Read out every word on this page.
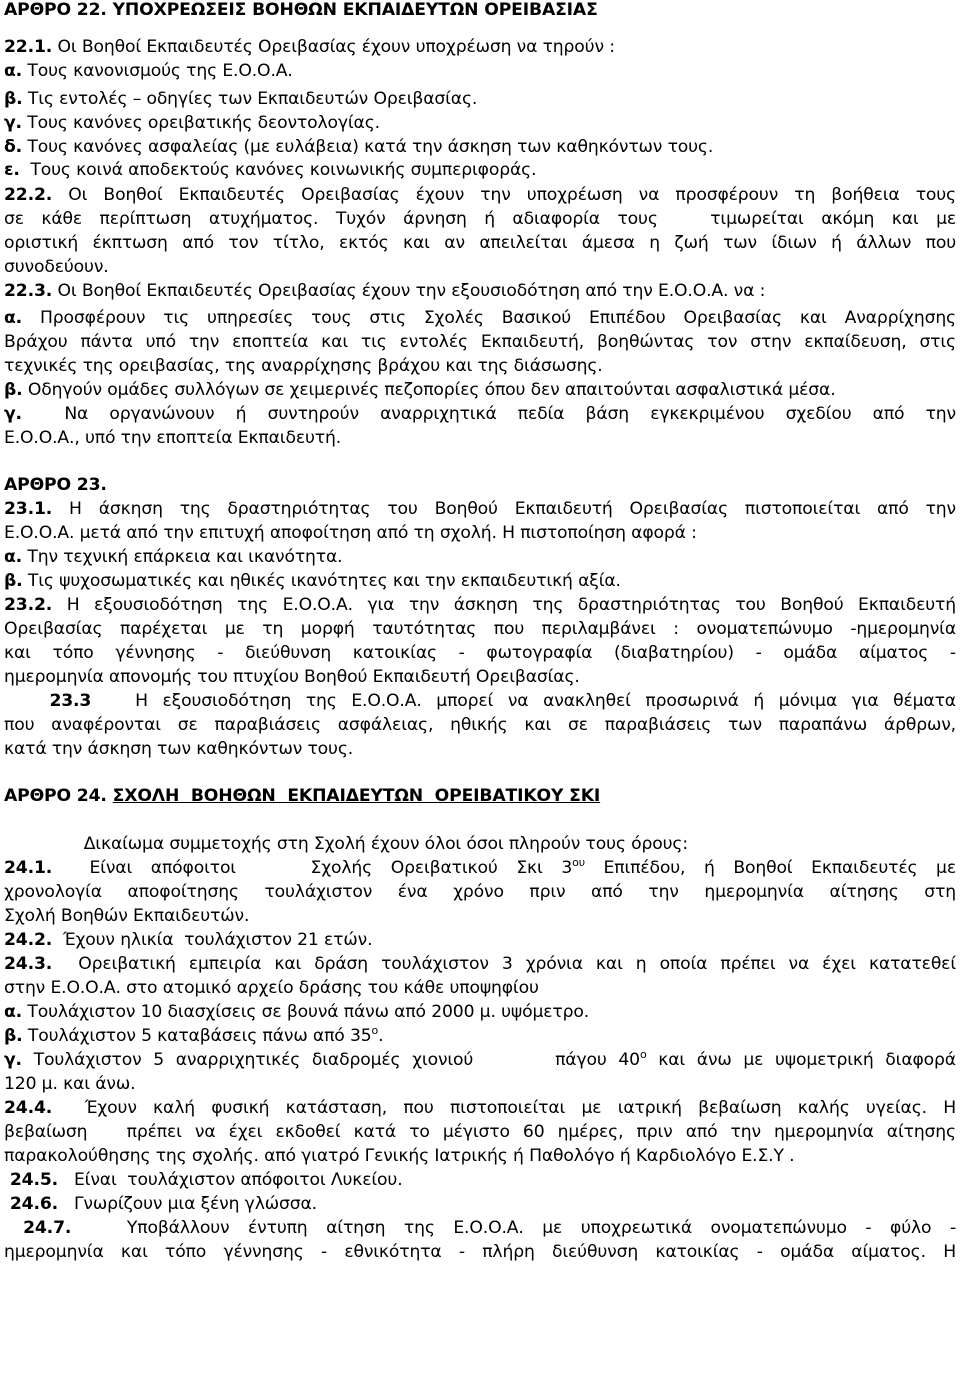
ΑΡΘΡΟ 22. ΥΠΟΧΡΕΩΣΕΙΣ ΒΟΗΘΩΝ ΕΚΠΑΙΔΕΥΤΩΝ ΟΡΕΙΒΑΣΙΑΣ
22.1. Οι Βοηθοί Εκπαιδευτές Ορειβασίας έχουν υποχρέωση να τηρούν :
α. Τους κανονισμούς της Ε.Ο.Ο.Α.
β. Τις εντολές – οδηγίες των Εκπαιδευτών Ορειβασίας.
γ. Τους κανόνες ορειβατικής δεοντολογίας.
δ. Τους κανόνες ασφαλείας (με ευλάβεια) κατά την άσκηση των καθηκόντων τους.
ε.  Τους κοινά αποδεκτούς κανόνες κοινωνικής συμπεριφοράς.
22.2. Οι Βοηθοί Εκπαιδευτές Ορειβασίας έχουν την υποχρέωση να προσφέρουν τη βοήθεια τους
σε κάθε περίπτωση ατυχήματος. Τυχόν άρνηση ή αδιαφορία τους   τιμωρείται ακόμη και με
οριστική έκπτωση από τον τίτλο, εκτός και αν απειλείται άμεσα η ζωή των ίδιων ή άλλων που
συνοδεύουν.
22.3. Οι Βοηθοί Εκπαιδευτές Ορειβασίας έχουν την εξουσιοδότηση από την Ε.Ο.Ο.Α. να :
α. Προσφέρουν τις υπηρεσίες τους στις Σχολές Βασικού Επιπέδου Ορειβασίας και Αναρρίχησης
Βράχου πάντα υπό την εποπτεία και τις εντολές Εκπαιδευτή, βοηθώντας τον στην εκπαίδευση, στις
τεχνικές της ορειβασίας, της αναρρίχησης βράχου και της διάσωσης.
β. Οδηγούν ομάδες συλλόγων σε χειμερινές πεζοπορίες όπου δεν απαιτούνται ασφαλιστικά μέσα.
γ.  Να οργανώνουν ή συντηρούν αναρριχητικά πεδία βάση εγκεκριμένου σχεδίου από την
Ε.Ο.Ο.Α., υπό την εποπτεία Εκπαιδευτή.
ΑΡΘΡΟ 23.
23.1. Η άσκηση της δραστηριότητας του Βοηθού Εκπαιδευτή Ορειβασίας πιστοποιείται από την
Ε.Ο.Ο.Α. μετά από την επιτυχή αποφοίτηση από τη σχολή. Η πιστοποίηση αφορά :
α. Την τεχνική επάρκεια και ικανότητα.
β. Τις ψυχοσωματικές και ηθικές ικανότητες και την εκπαιδευτική αξία.
23.2. Η εξουσιοδότηση της Ε.Ο.Ο.Α. για την άσκηση της δραστηριότητας του Βοηθού Εκπαιδευτή
Ορειβασίας παρέχεται με τη μορφή ταυτότητας που περιλαμβάνει : ονοματεπώνυμο -ημερομηνία
και τόπο γέννησης - διεύθυνση κατοικίας - φωτογραφία (διαβατηρίου) - ομάδα αίματος -
ημερομηνία απονομής του πτυχίου Βοηθού Εκπαιδευτή Ορειβασίας.
23.3   Η εξουσιοδότηση της Ε.Ο.Ο.Α. μπορεί να ανακληθεί προσωρινά ή μόνιμα για θέματα
που αναφέρονται σε παραβιάσεις ασφάλειας, ηθικής και σε παραβιάσεις των παραπάνω άρθρων,
κατά την άσκηση των καθηκόντων τους.
ΑΡΘΡΟ 24. ΣΧΟΛΗ  ΒΟΗΘΩΝ  ΕΚΠΑΙΔΕΥΤΩΝ  ΟΡΕΙΒΑΤΙΚΟΥ ΣΚΙ
Δικαίωμα συμμετοχής στη Σχολή έχουν όλοι όσοι πληρούν τους όρους:
24.1.  Είναι απόφοιτοι    Σχολής Ορειβατικού Σκι $3^{o\upsilon}$ Επιπέδου, ή Βοηθοί Εκπαιδευτές με
χρονολογία αποφοίτησης τουλάχιστον ένα χρόνο πριν από την ημερομηνία αίτησης στη
Σχολή Βοηθών Εκπαιδευτών.
24.2.  Έχουν ηλικία  τουλάχιστον 21 ετών.
24.3.  Ορειβατική εμπειρία και δράση τουλάχιστον 3 χρόνια και η οποία πρέπει να έχει κατατεθεί
στην Ε.Ο.Ο.Α. στο ατομικό αρχείο δράσης του κάθε υποψηφίου
α. Τουλάχιστον 10 διασχίσεις σε βουνά πάνω από 2000 μ. υψόμετρο.
β. Τουλάχιστον 5 καταβάσεις πάνω από $35^o$.
γ. Τουλάχιστον 5 αναρριχητικές διαδρομές χιονιού       πάγου $40^o$ και άνω με υψομετρική διαφορά
120 μ. και άνω.
24.4.  Έχουν καλή φυσική κατάσταση, που πιστοποιείται με ιατρική βεβαίωση καλής υγείας. Η
βεβαίωση   πρέπει να έχει εκδοθεί κατά το μέγιστο 60 ημέρες, πριν από την ημερομηνία αίτησης
παρακολούθησης της σχολής. από γιατρό Γενικής Ιατρικής ή Παθολόγο ή Καρδιολόγο Ε.Σ.Υ .
24.5.   Είναι  τουλάχιστον απόφοιτοι Λυκείου.
24.6.   Γνωρίζουν μια ξένη γλώσσα.
24.7.   Υποβάλλουν έντυπη αίτηση της Ε.Ο.Ο.Α. με υποχρεωτικά ονοματεπώνυμο - φύλο -
ημερομηνία και τόπο γέννησης - εθνικότητα - πλήρη διεύθυνση κατοικίας - ομάδα αίματος. Η
